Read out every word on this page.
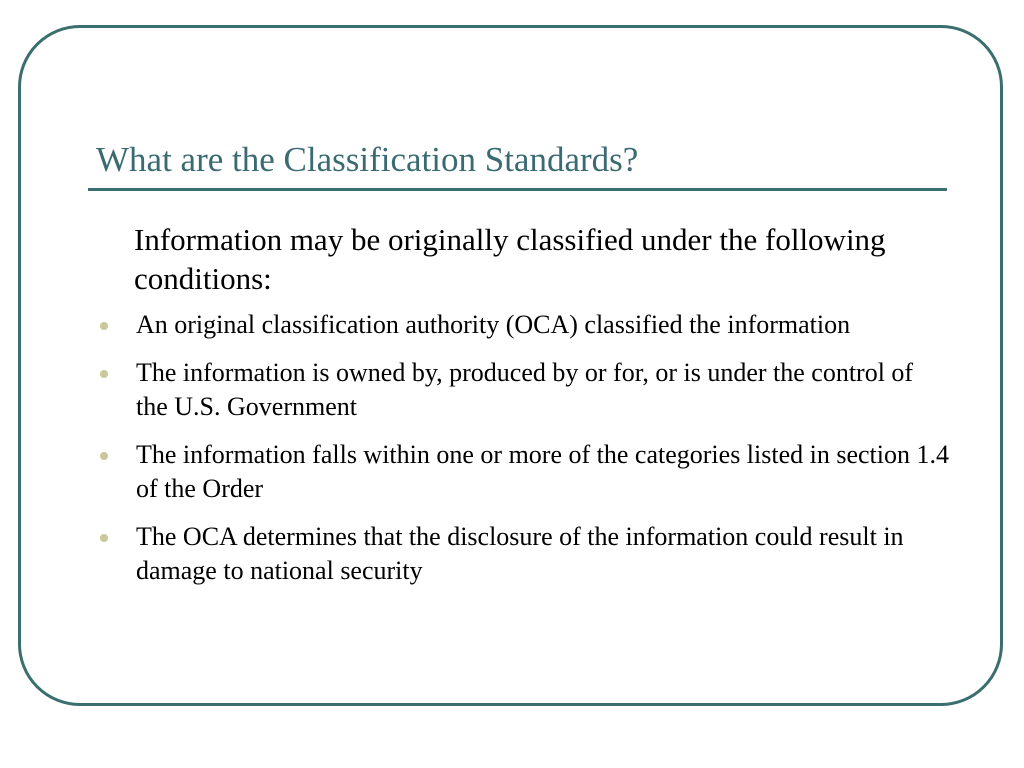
What are the Classification Standards?

Information may be originally classified under the following conditions:

An original classification authority (OCA) classified the information
The information is owned by, produced by or for, or is under the control of the U.S. Government
The information falls within one or more of the categories listed in section 1.4 of the Order
The OCA determines that the disclosure of the information could result in damage to national security
